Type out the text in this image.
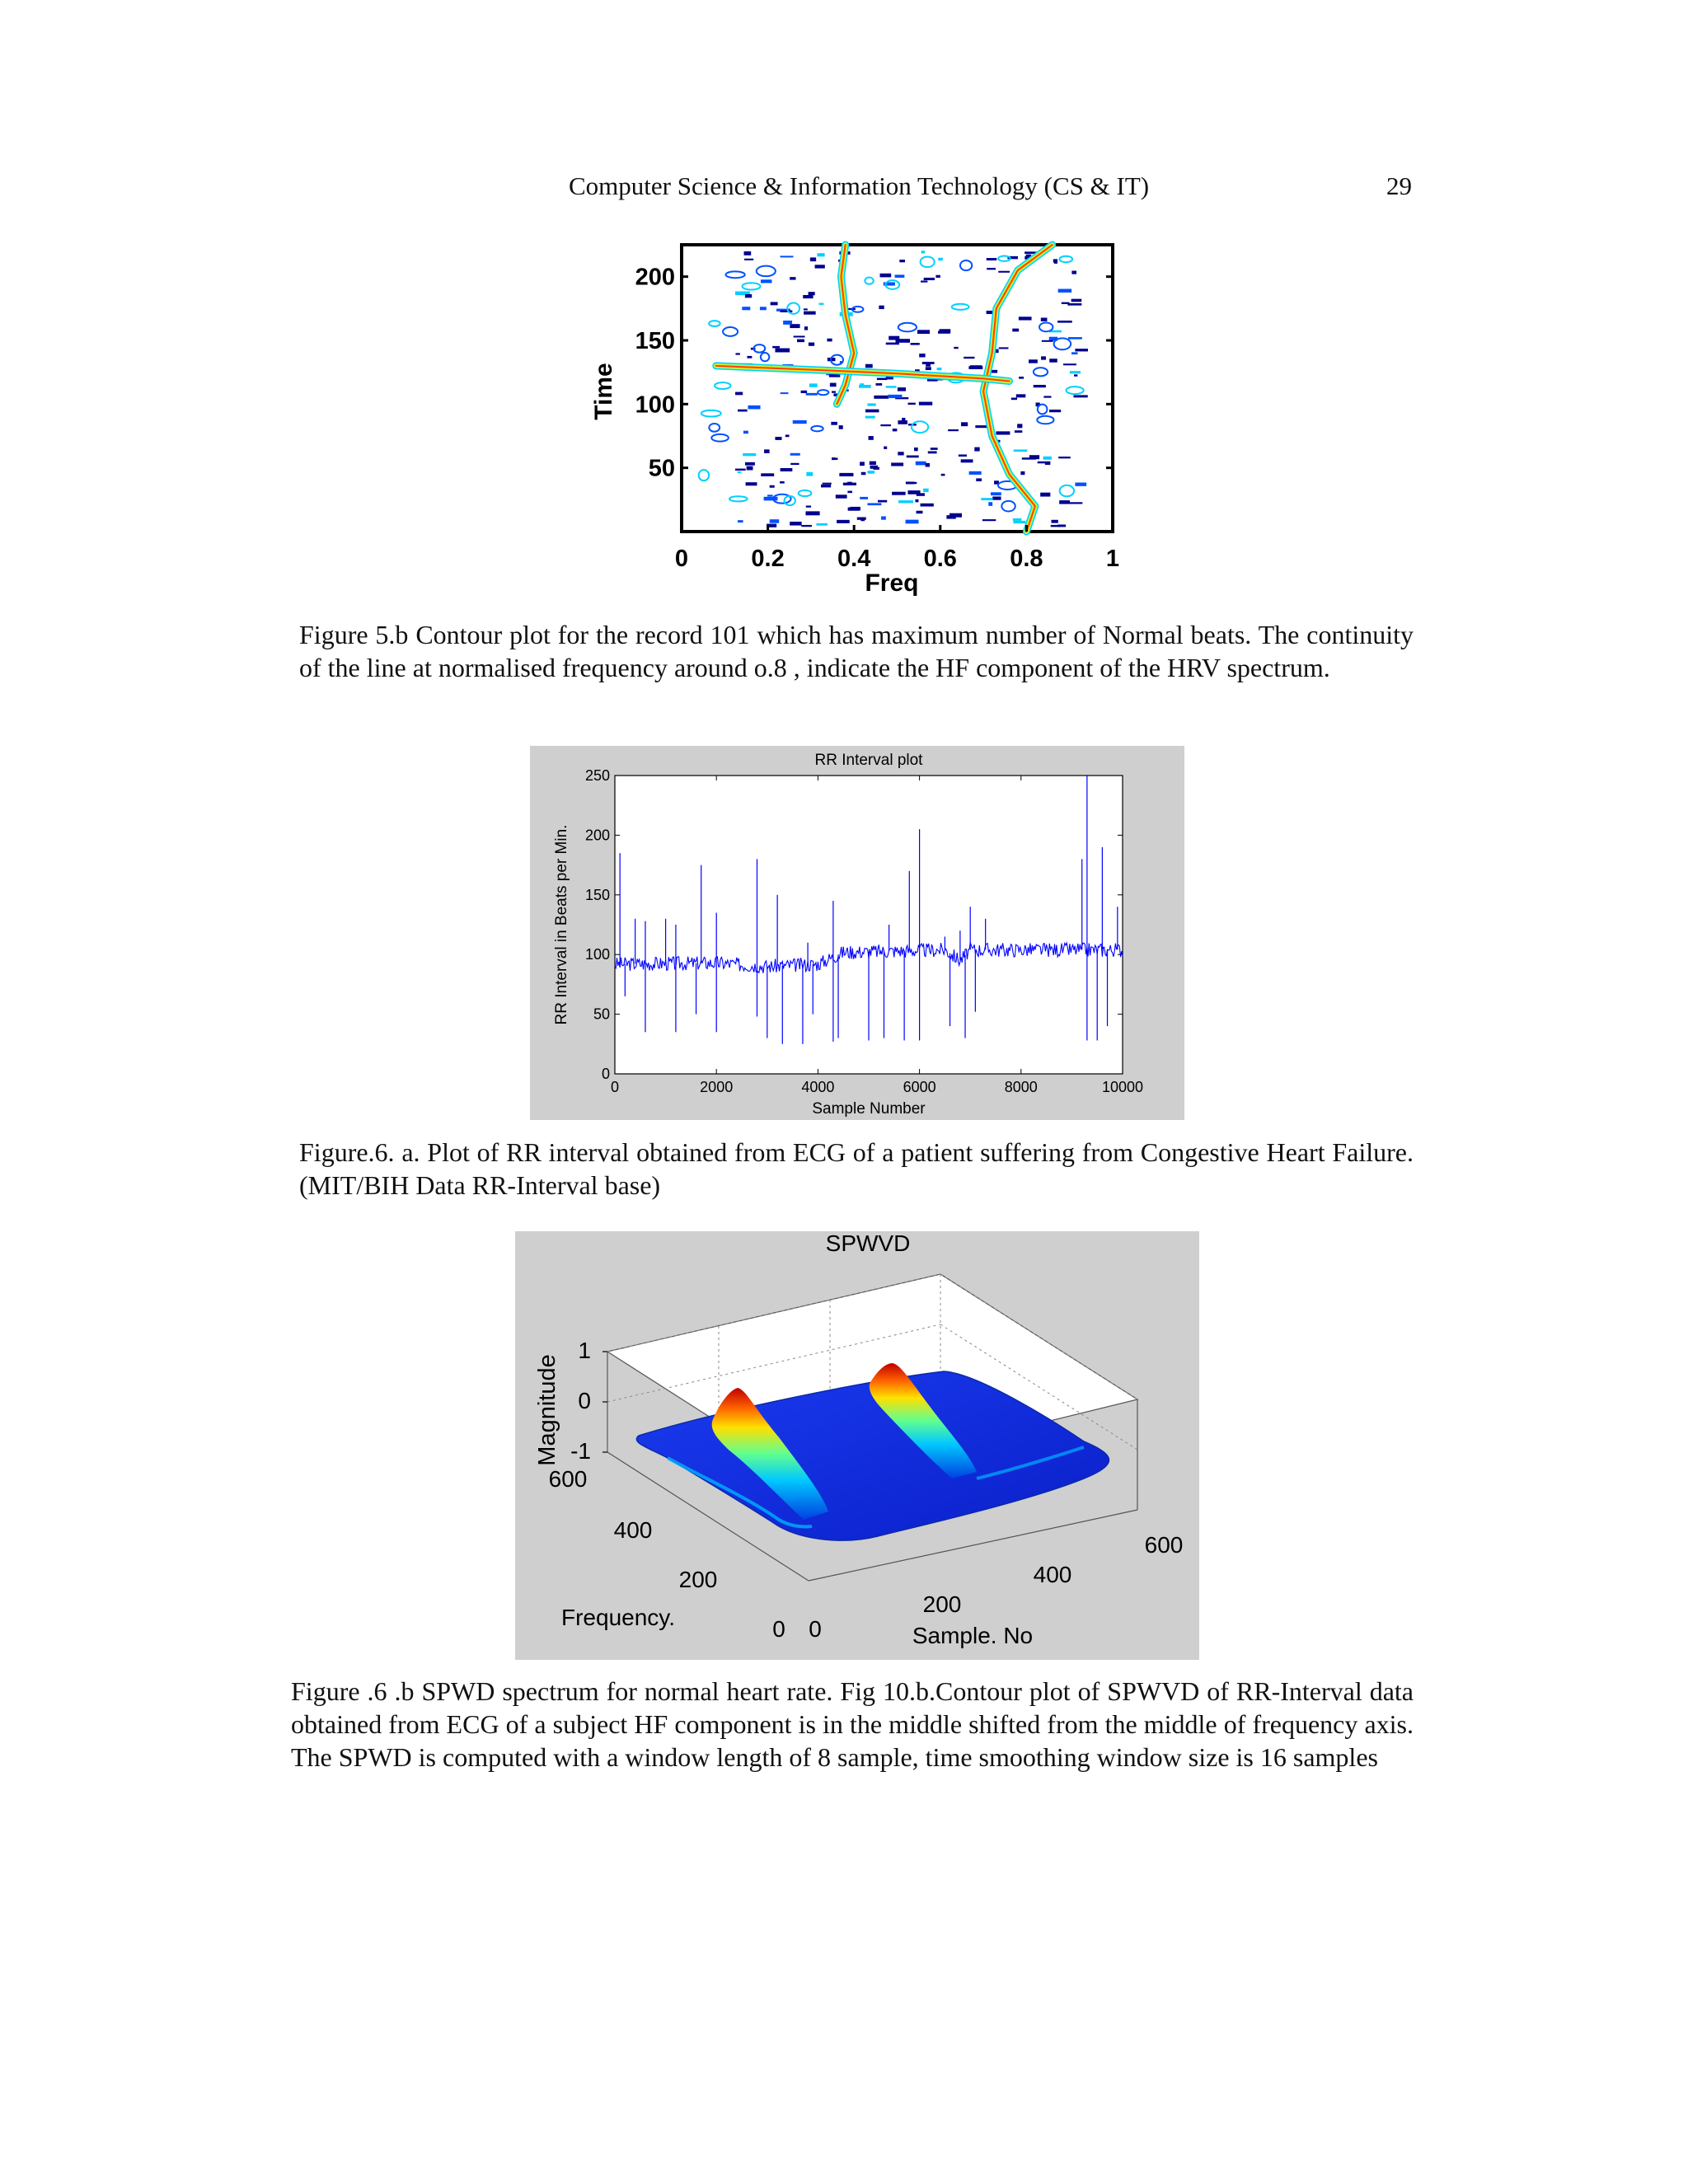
Computer Science & Information Technology (CS & IT)	29
0	0.2 0.4 0.6 0.8	1
50
100
150
200
Freq
Time

Figure 5.b Contour plot for the record 101 which has maximum number of Normal beats. The continuity of the line at normalised frequency around o.8 , indicate the HF component of the HRV spectrum.

0	2000	4000	6000	8000	10000
0
50
100
150
200
250
RR Interval plot
Sample Number
RR Interval in Beats per Min.

Figure.6. a. Plot of RR interval obtained from ECG of a patient suffering from Congestive Heart Failure. (MIT/BIH Data RR-Interval base)

1
0
-1
600
400
200
0 0
200
400
600
SPWVD
Magnitude
Frequency.
Sample. No

Figure .6 .b SPWD spectrum for normal heart rate. Fig 10.b.Contour plot of SPWVD of RR-Interval data obtained from ECG of a subject HF component is in the middle shifted from the middle of frequency axis. The SPWD is computed with a window length of 8 sample, time smoothing window size is 16 samples
